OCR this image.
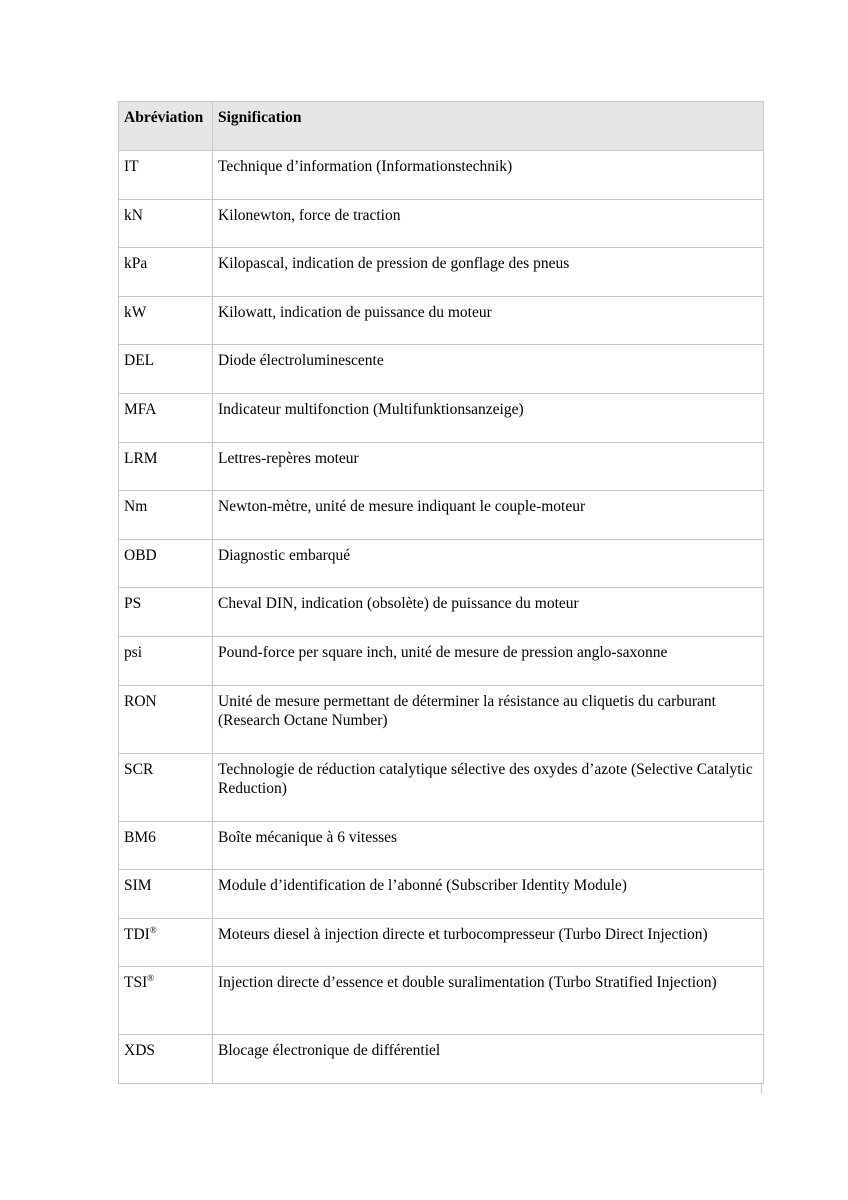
Abréviation	Signification
IT	Technique d’information (Informationstechnik)
kN	Kilonewton, force de traction
kPa	Kilopascal, indication de pression de gonflage des pneus
kW	Kilowatt, indication de puissance du moteur
DEL	Diode électroluminescente
MFA	Indicateur multifonction (Multifunktionsanzeige)
LRM	Lettres-repères moteur
Nm	Newton-mètre, unité de mesure indiquant le couple-moteur
OBD	Diagnostic embarqué
PS	Cheval DIN, indication (obsolète) de puissance du moteur
psi	Pound-force per square inch, unité de mesure de pression anglo-saxonne
RON	Unité de mesure permettant de déterminer la résistance au cliquetis du carburant (Research Octane Number)
SCR	Technologie de réduction catalytique sélective des oxydes d’azote (Selective Catalytic Reduction)
BM6	Boîte mécanique à 6 vitesses
SIM	Module d’identification de l’abonné (Subscriber Identity Module)
TDI®	Moteurs diesel à injection directe et turbocompresseur (Turbo Direct Injection)
TSI®	Injection directe d’essence et double suralimentation (Turbo Stratified Injection)
XDS	Blocage électronique de différentiel
